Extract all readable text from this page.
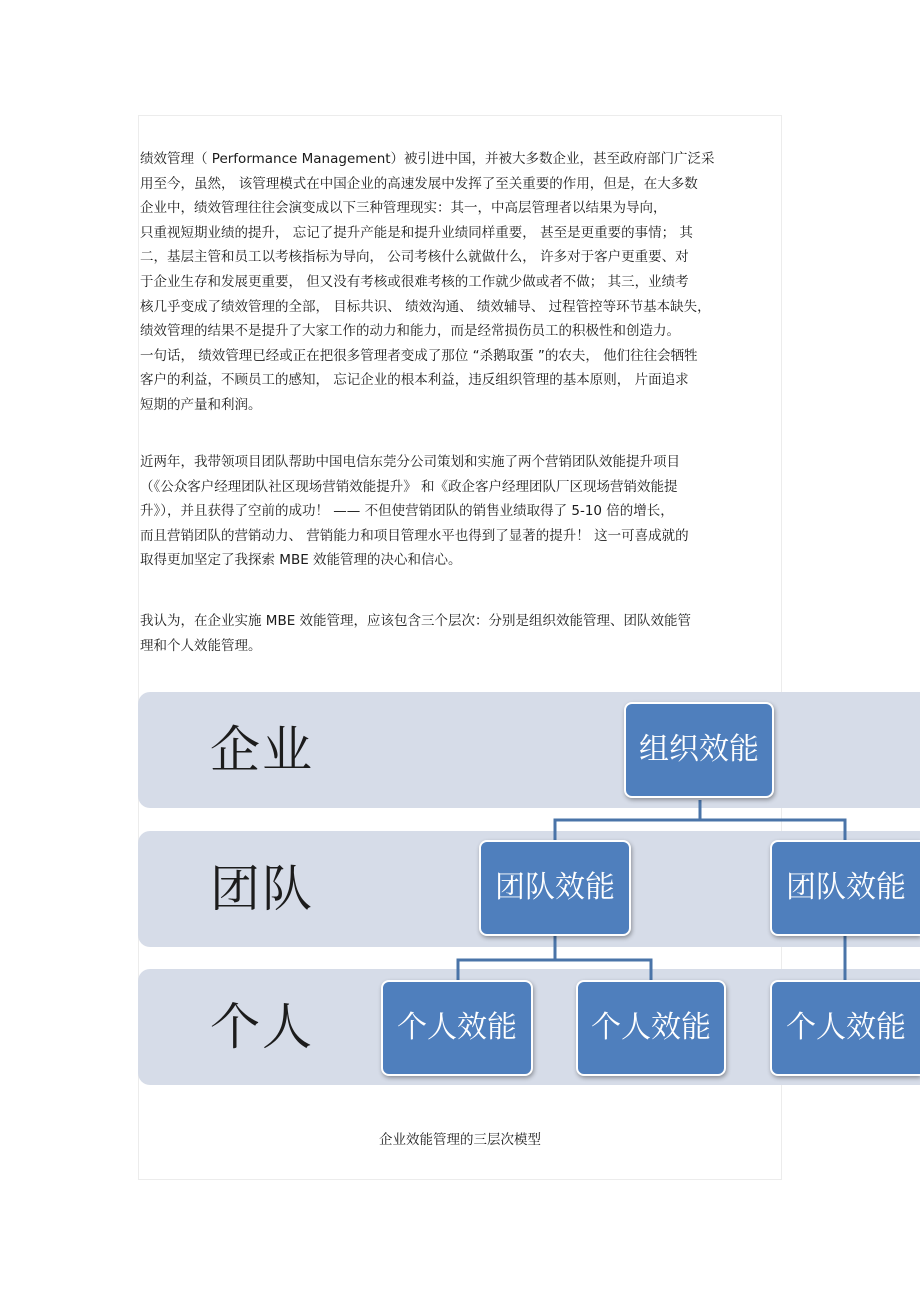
绩效管理（ Performance Management）被引进中国，并被大多数企业，甚至政府部门广泛采
用至今，虽然， 该管理模式在中国企业的高速发展中发挥了至关重要的作用，但是，在大多数
企业中，绩效管理往往会演变成以下三种管理现实：其一，中高层管理者以结果为导向，
只重视短期业绩的提升， 忘记了提升产能是和提升业绩同样重要， 甚至是更重要的事情； 其
二，基层主管和员工以考核指标为导向， 公司考核什么就做什么， 许多对于客户更重要、对
于企业生存和发展更重要， 但又没有考核或很难考核的工作就少做或者不做； 其三，业绩考
核几乎变成了绩效管理的全部， 目标共识、 绩效沟通、 绩效辅导、 过程管控等环节基本缺失，
绩效管理的结果不是提升了大家工作的动力和能力，而是经常损伤员工的积极性和创造力。
一句话， 绩效管理已经或正在把很多管理者变成了那位 “杀鹅取蛋 ”的农夫， 他们往往会牺牲
客户的利益，不顾员工的感知， 忘记企业的根本利益，违反组织管理的基本原则， 片面追求
短期的产量和利润。
近两年，我带领项目团队帮助中国电信东莞分公司策划和实施了两个营销团队效能提升项目
（《公众客户经理团队社区现场营销效能提升》 和《政企客户经理团队厂区现场营销效能提
升》），并且获得了空前的成功！ —— 不但使营销团队的销售业绩取得了 5-10 倍的增长，
而且营销团队的营销动力、 营销能力和项目管理水平也得到了显著的提升！ 这一可喜成就的
取得更加坚定了我探索 MBE 效能管理的决心和信心。
我认为，在企业实施 MBE 效能管理，应该包含三个层次：分别是组织效能管理、团队效能管
理和个人效能管理。
企业
团队
个人
组织效能
团队效能	团队效能
个人效能	个人效能	个人效能
企业效能管理的三层次模型
